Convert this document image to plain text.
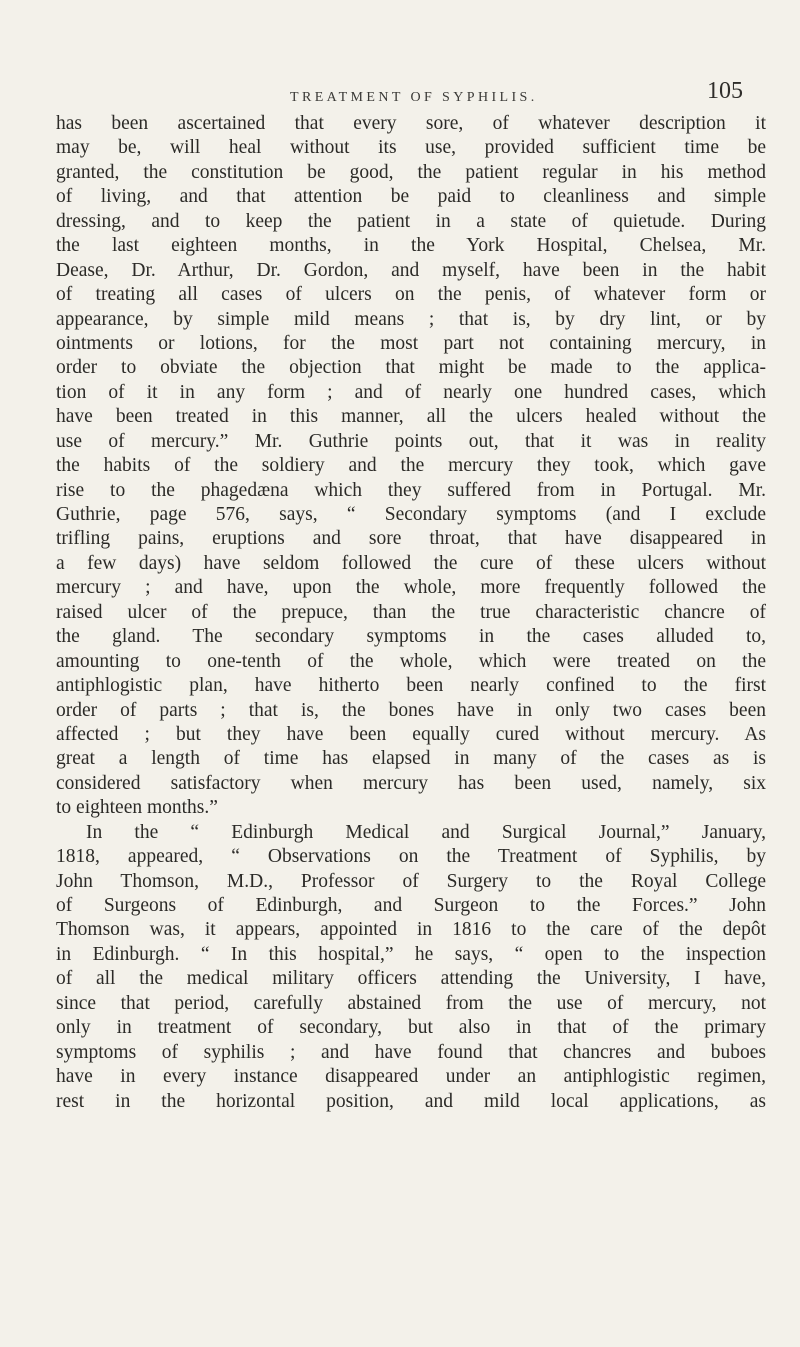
TREATMENT OF SYPHILIS.	105
has been ascertained that every sore, of whatever description it
may be, will heal without its use, provided sufficient time be
granted, the constitution be good, the patient regular in his method
of living, and that attention be paid to cleanliness and simple
dressing, and to keep the patient in a state of quietude. During
the last eighteen months, in the York Hospital, Chelsea, Mr.
Dease, Dr. Arthur, Dr. Gordon, and myself, have been in the habit
of treating all cases of ulcers on the penis, of whatever form or
appearance, by simple mild means ; that is, by dry lint, or by
ointments or lotions, for the most part not containing mercury, in
order to obviate the objection that might be made to the applica-
tion of it in any form ; and of nearly one hundred cases, which
have been treated in this manner, all the ulcers healed without the
use of mercury.” Mr. Guthrie points out, that it was in reality
the habits of the soldiery and the mercury they took, which gave
rise to the phagedæna which they suffered from in Portugal. Mr.
Guthrie, page 576, says, “ Secondary symptoms (and I exclude
trifling pains, eruptions and sore throat, that have disappeared in
a few days) have seldom followed the cure of these ulcers without
mercury ; and have, upon the whole, more frequently followed the
raised ulcer of the prepuce, than the true characteristic chancre of
the gland. The secondary symptoms in the cases alluded to,
amounting to one-tenth of the whole, which were treated on the
antiphlogistic plan, have hitherto been nearly confined to the first
order of parts ; that is, the bones have in only two cases been
affected ; but they have been equally cured without mercury. As
great a length of time has elapsed in many of the cases as is
considered satisfactory when mercury has been used, namely, six
to eighteen months.”
In the “ Edinburgh Medical and Surgical Journal,” January,
1818, appeared, “ Observations on the Treatment of Syphilis, by
John Thomson, M.D., Professor of Surgery to the Royal College
of Surgeons of Edinburgh, and Surgeon to the Forces.” John
Thomson was, it appears, appointed in 1816 to the care of the depôt
in Edinburgh. “ In this hospital,” he says, “ open to the inspection
of all the medical military officers attending the University, I have,
since that period, carefully abstained from the use of mercury, not
only in treatment of secondary, but also in that of the primary
symptoms of syphilis ; and have found that chancres and buboes
have in every instance disappeared under an antiphlogistic regimen,
rest in the horizontal position, and mild local applications, as
